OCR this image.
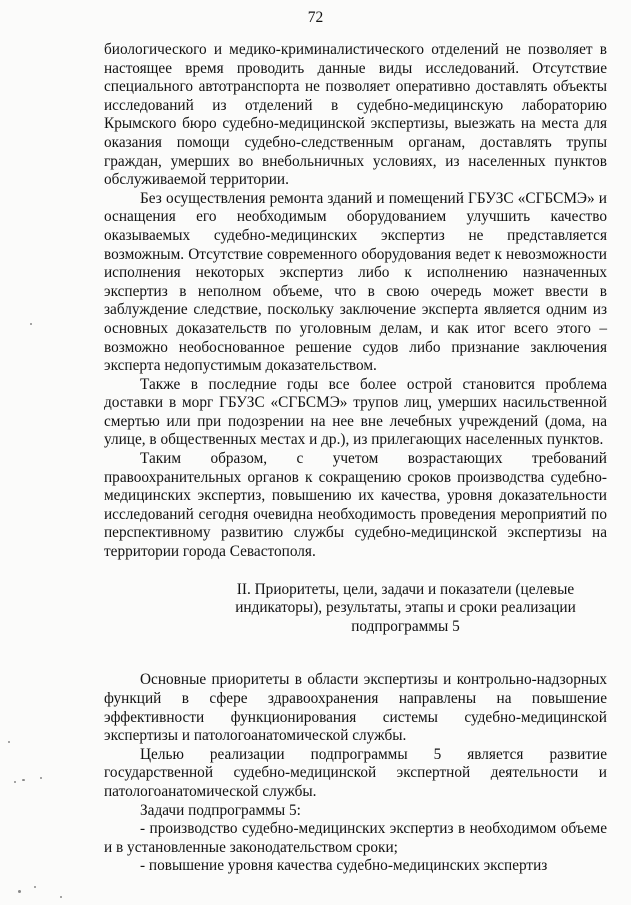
72

биологического и медико-криминалистического отделений не позволяет в настоящее время проводить данные виды исследований. Отсутствие специального автотранспорта не позволяет оперативно доставлять объекты исследований из отделений в судебно-медицинскую лабораторию Крымского бюро судебно-медицинской экспертизы, выезжать на места для оказания помощи судебно-следственным органам, доставлять трупы граждан, умерших во внебольничных условиях, из населенных пунктов обслуживаемой территории.

Без осуществления ремонта зданий и помещений ГБУЗС «СГБСМЭ» и оснащения его необходимым оборудованием улучшить качество оказываемых судебно-медицинских экспертиз не представляется возможным. Отсутствие современного оборудования ведет к невозможности исполнения некоторых экспертиз либо к исполнению назначенных экспертиз в неполном объеме, что в свою очередь может ввести в заблуждение следствие, поскольку заключение эксперта является одним из основных доказательств по уголовным делам, и как итог всего этого – возможно необоснованное решение судов либо признание заключения эксперта недопустимым доказательством.

Также в последние годы все более острой становится проблема доставки в морг ГБУЗС «СГБСМЭ» трупов лиц, умерших насильственной смертью или при подозрении на нее вне лечебных учреждений (дома, на улице, в общественных местах и др.), из прилегающих населенных пунктов.

Таким образом, с учетом возрастающих требований правоохранительных органов к сокращению сроков производства судебно-медицинских экспертиз, повышению их качества, уровня доказательности исследований сегодня очевидна необходимость проведения мероприятий по перспективному развитию службы судебно-медицинской экспертизы на территории города Севастополя.

II. Приоритеты, цели, задачи и показатели (целевые
индикаторы), результаты, этапы и сроки реализации
подпрограммы 5

Основные приоритеты в области экспертизы и контрольно-надзорных функций в сфере здравоохранения направлены на повышение эффективности функционирования системы судебно-медицинской экспертизы и патологоанатомической службы.

Целью реализации подпрограммы 5 является развитие государственной судебно-медицинской экспертной деятельности и патологоанатомической службы.

Задачи подпрограммы 5:

- производство судебно-медицинских экспертиз в необходимом объеме и в установленные законодательством сроки;

- повышение уровня качества судебно-медицинских экспертиз
